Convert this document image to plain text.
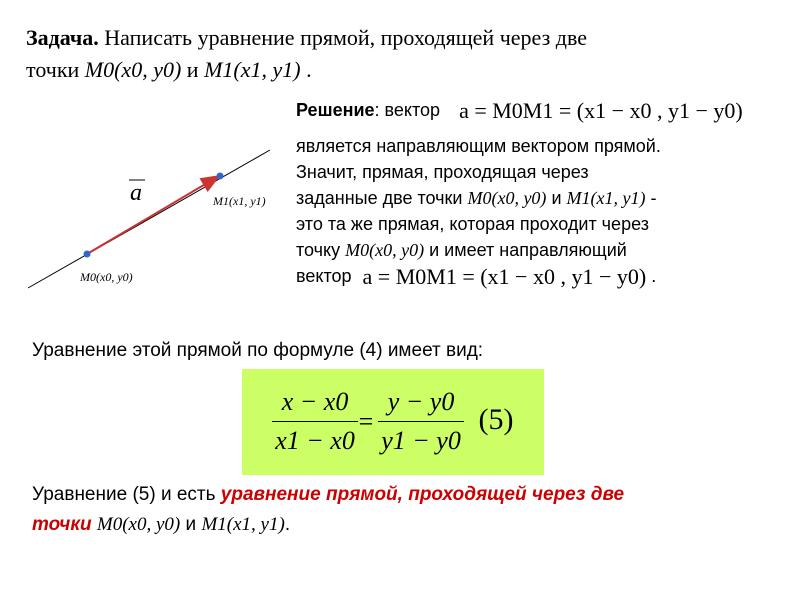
Задача. Написать уравнение прямой, проходящей через две
точки M0(x0, y0) и M1(x1, y1) .
a
M0(x0, y0)
M1(x1, y1)
Решение: вектор a = M0M1 = (x1 − x0 , y1 − y0)
является направляющим вектором прямой.
Значит, прямая, проходящая через
заданные две точки M0(x0, y0) и M1(x1, y1) -
это та же прямая, которая проходит через
точку M0(x0, y0) и имеет направляющий
вектор a = M0M1 = (x1 − x0 , y1 − y0) .
Уравнение этой прямой по формуле (4) имеет вид:
x − x0
x1 − x0
=
y − y0
y1 − y0
(5)
Уравнение (5) и есть уравнение прямой, проходящей через две
точки M0(x0, y0) и M1(x1, y1).
